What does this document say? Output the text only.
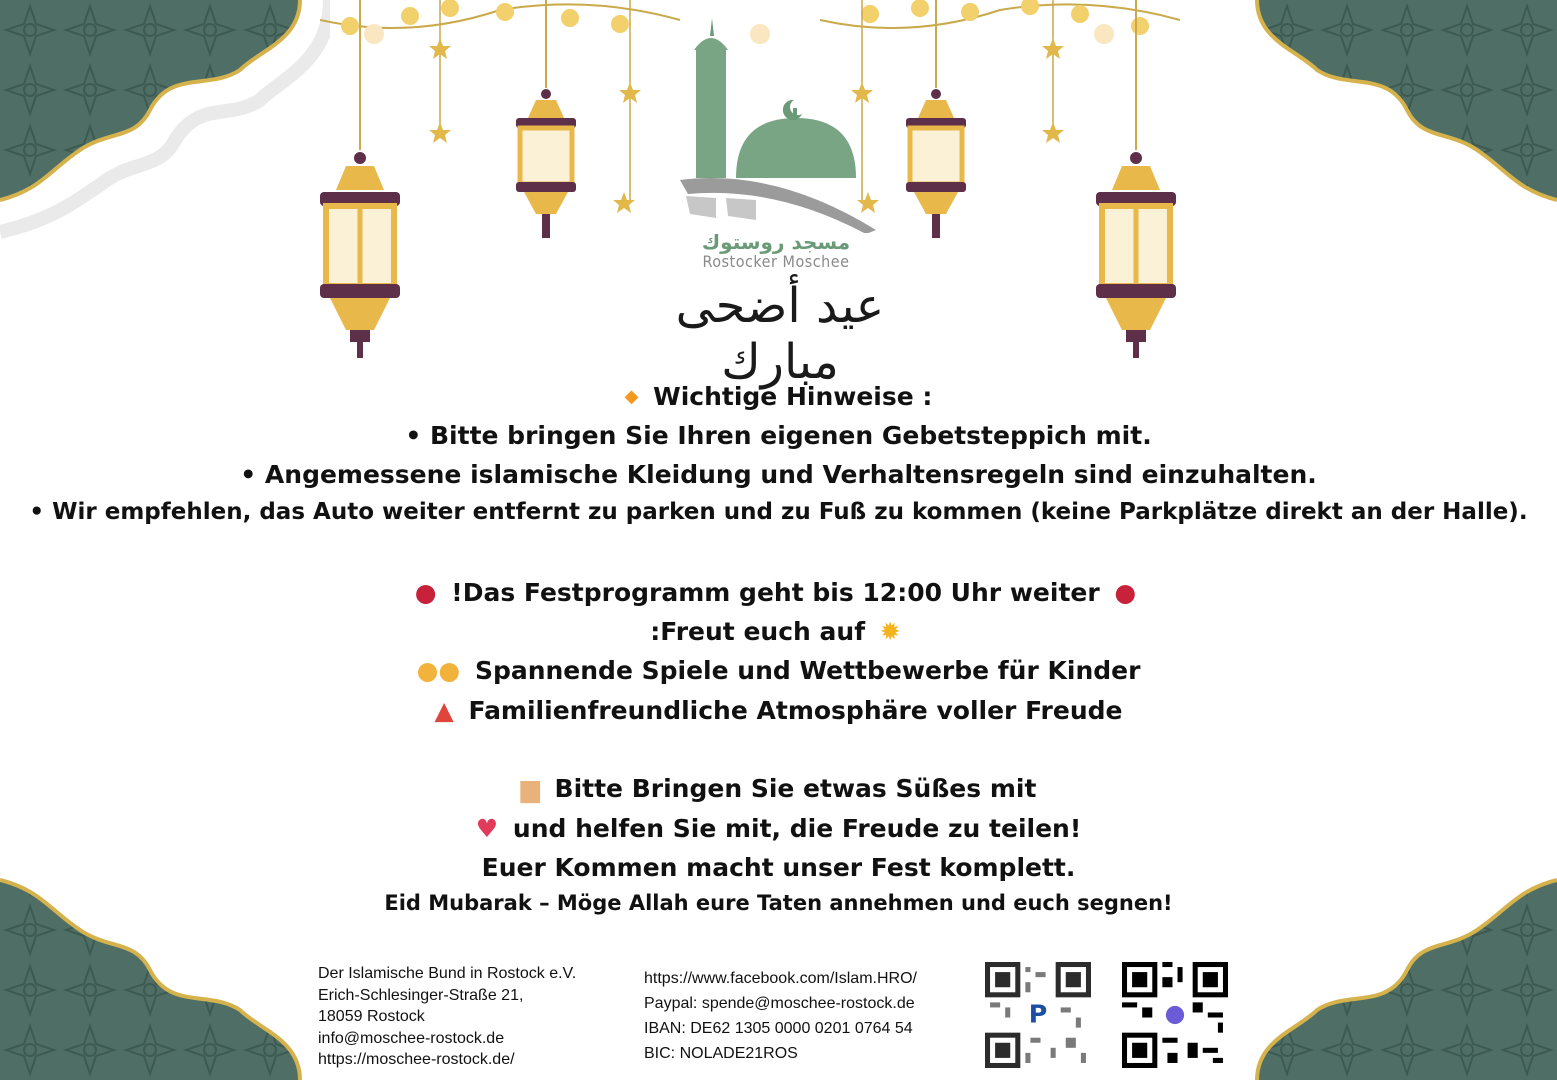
مسجد روستوك
Rostocker Moschee
عيد أضحى مبارك
◆ Wichtige Hinweise :
• Bitte bringen Sie Ihren eigenen Gebetsteppich mit.
• Angemessene islamische Kleidung und Verhaltensregeln sind einzuhalten.
• Wir empfehlen, das Auto weiter entfernt zu parken und zu Fuß zu kommen (keine Parkplätze direkt an der Halle).
● !Das Festprogramm geht bis 12:00 Uhr weiter ●
:Freut euch auf ✹
●● Spannende Spiele und Wettbewerbe für Kinder
▲ Familienfreundliche Atmosphäre voller Freude
▆ Bitte Bringen Sie etwas Süßes mit
♥ und helfen Sie mit, die Freude zu teilen!
Euer Kommen macht unser Fest komplett.
Eid Mubarak – Möge Allah eure Taten annehmen und euch segnen!
Der Islamische Bund in Rostock e.V.
Erich-Schlesinger-Straße 21,
18059 Rostock
info@moschee-rostock.de
https://moschee-rostock.de/
https://www.facebook.com/Islam.HRO/
Paypal: spende@moschee-rostock.de
IBAN: DE62 1305 0000 0201 0764 54
BIC: NOLADE21ROS
P
